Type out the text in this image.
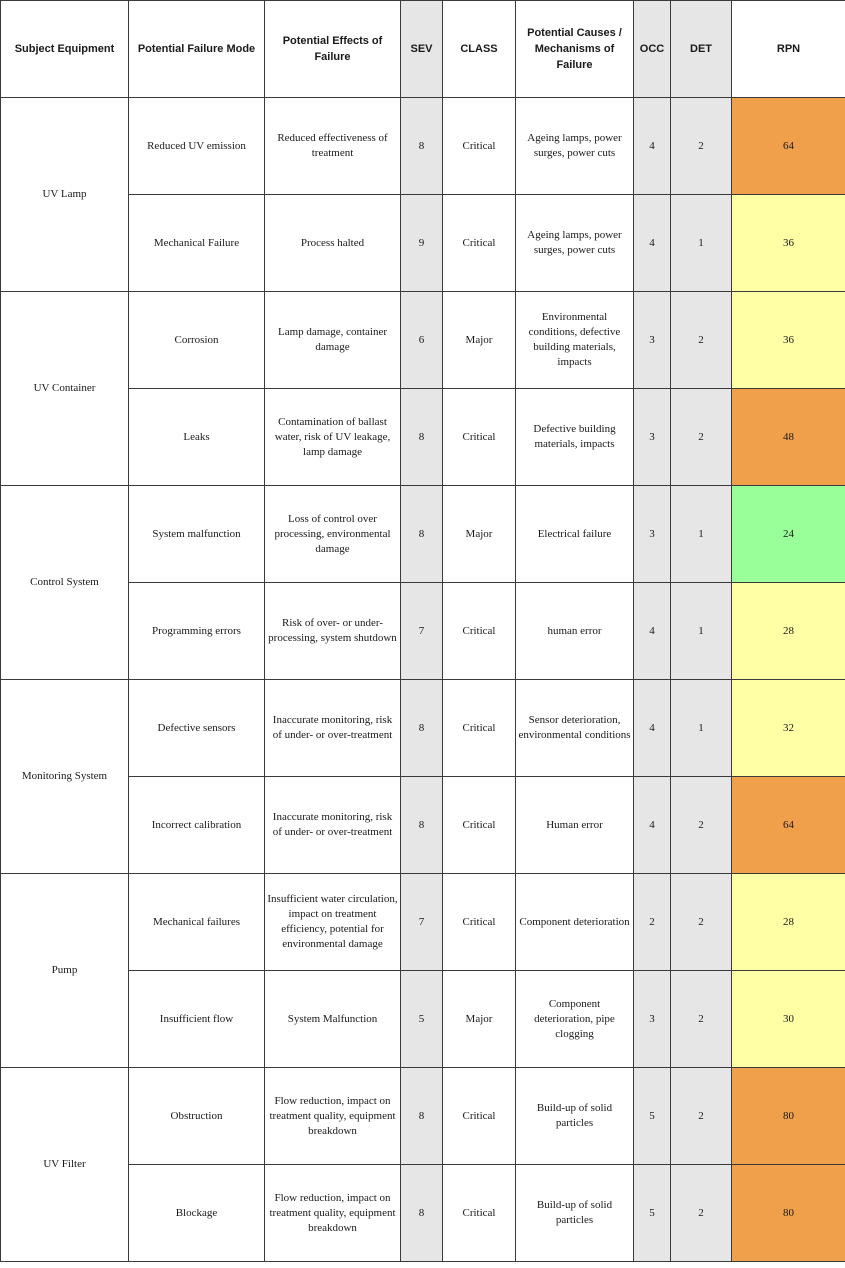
Subject Equipment	Potential Failure Mode	Potential Effects of Failure	SEV	CLASS	Potential Causes / Mechanisms of Failure	OCC	DET	RPN
UV Lamp	Reduced UV emission	Reduced effectiveness of treatment	8	Critical	Ageing lamps, power surges, power cuts	4	2	64
	Mechanical Failure	Process halted	9	Critical	Ageing lamps, power surges, power cuts	4	1	36
UV Container	Corrosion	Lamp damage, container damage	6	Major	Environmental conditions, defective building materials, impacts	3	2	36
	Leaks	Contamination of ballast water, risk of UV leakage, lamp damage	8	Critical	Defective building materials, impacts	3	2	48
Control System	System malfunction	Loss of control over processing, environmental damage	8	Major	Electrical failure	3	1	24
	Programming errors	Risk of over- or under-processing, system shutdown	7	Critical	human error	4	1	28
Monitoring System	Defective sensors	Inaccurate monitoring, risk of under- or over-treatment	8	Critical	Sensor deterioration, environmental conditions	4	1	32
	Incorrect calibration	Inaccurate monitoring, risk of under- or over-treatment	8	Critical	Human error	4	2	64
Pump	Mechanical failures	Insufficient water circulation, impact on treatment efficiency, potential for environmental damage	7	Critical	Component deterioration	2	2	28
	Insufficient flow	System Malfunction	5	Major	Component deterioration, pipe clogging	3	2	30
UV Filter	Obstruction	Flow reduction, impact on treatment quality, equipment breakdown	8	Critical	Build-up of solid particles	5	2	80
	Blockage	Flow reduction, impact on treatment quality, equipment breakdown	8	Critical	Build-up of solid particles	5	2	80
